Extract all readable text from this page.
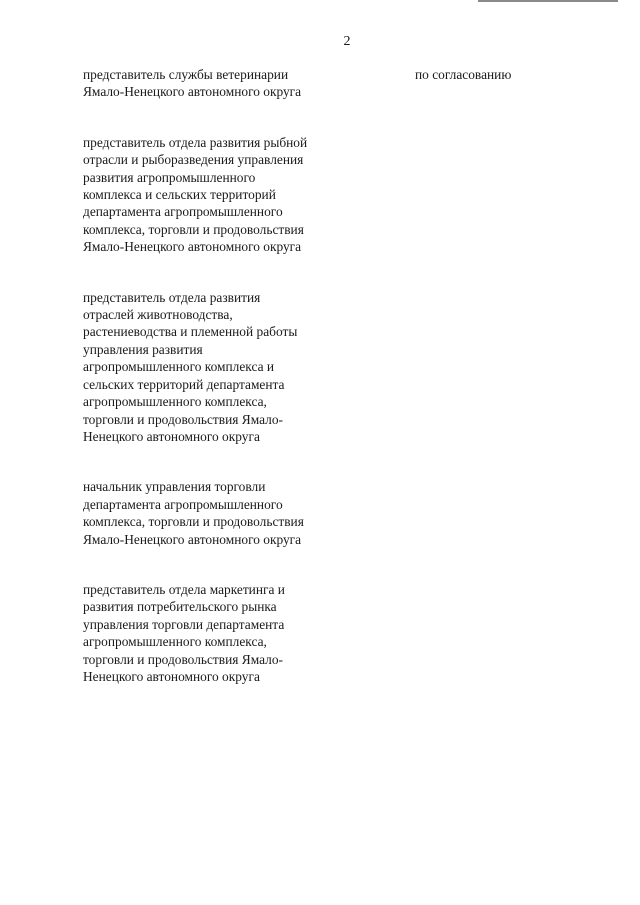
2
представитель службы ветеринарии
Ямало-Ненецкого автономного округа
представитель отдела развития рыбной
отрасли и рыборазведения управления
развития агропромышленного
комплекса и сельских территорий
департамента агропромышленного
комплекса, торговли и продовольствия
Ямало-Ненецкого автономного округа
представитель отдела развития
отраслей животноводства,
растениеводства и племенной работы
управления развития
агропромышленного комплекса и
сельских территорий департамента
агропромышленного комплекса,
торговли и продовольствия Ямало-
Ненецкого автономного округа
начальник управления торговли
департамента агропромышленного
комплекса, торговли и продовольствия
Ямало-Ненецкого автономного округа
представитель отдела маркетинга и
развития потребительского рынка
управления торговли департамента
агропромышленного комплекса,
торговли и продовольствия Ямало-
Ненецкого автономного округа
по согласованию
